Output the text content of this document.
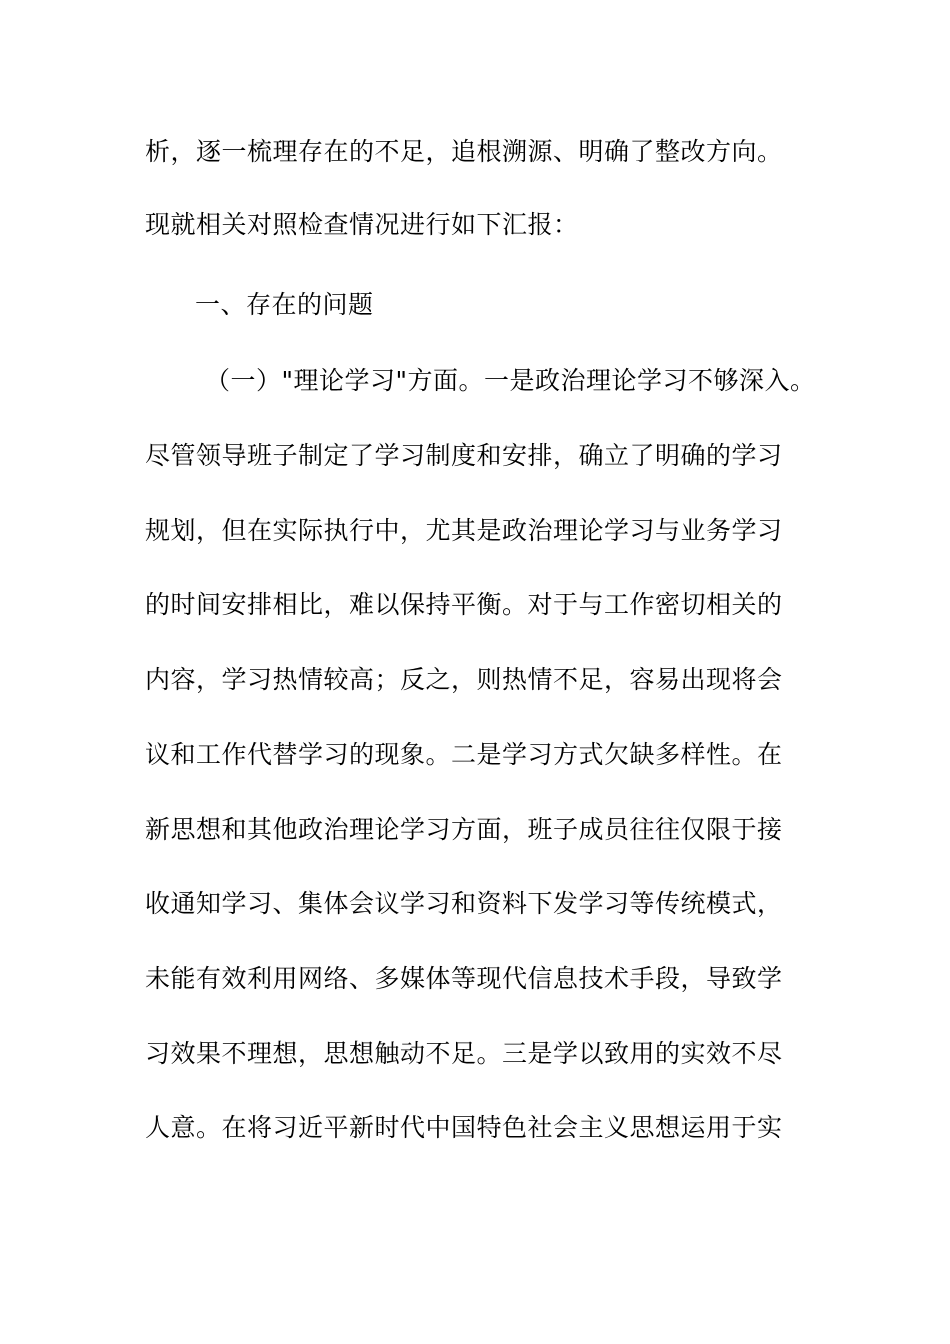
析，逐一梳理存在的不足，追根溯源、明确了整改方向。
现就相关对照检查情况进行如下汇报：
一、存在的问题
（一）"理论学习"方面。一是政治理论学习不够深入。
尽管领导班子制定了学习制度和安排，确立了明确的学习
规划，但在实际执行中，尤其是政治理论学习与业务学习
的时间安排相比，难以保持平衡。对于与工作密切相关的
内容，学习热情较高；反之，则热情不足，容易出现将会
议和工作代替学习的现象。二是学习方式欠缺多样性。在
新思想和其他政治理论学习方面，班子成员往往仅限于接
收通知学习、集体会议学习和资料下发学习等传统模式，
未能有效利用网络、多媒体等现代信息技术手段，导致学
习效果不理想，思想触动不足。三是学以致用的实效不尽
人意。在将习近平新时代中国特色社会主义思想运用于实
